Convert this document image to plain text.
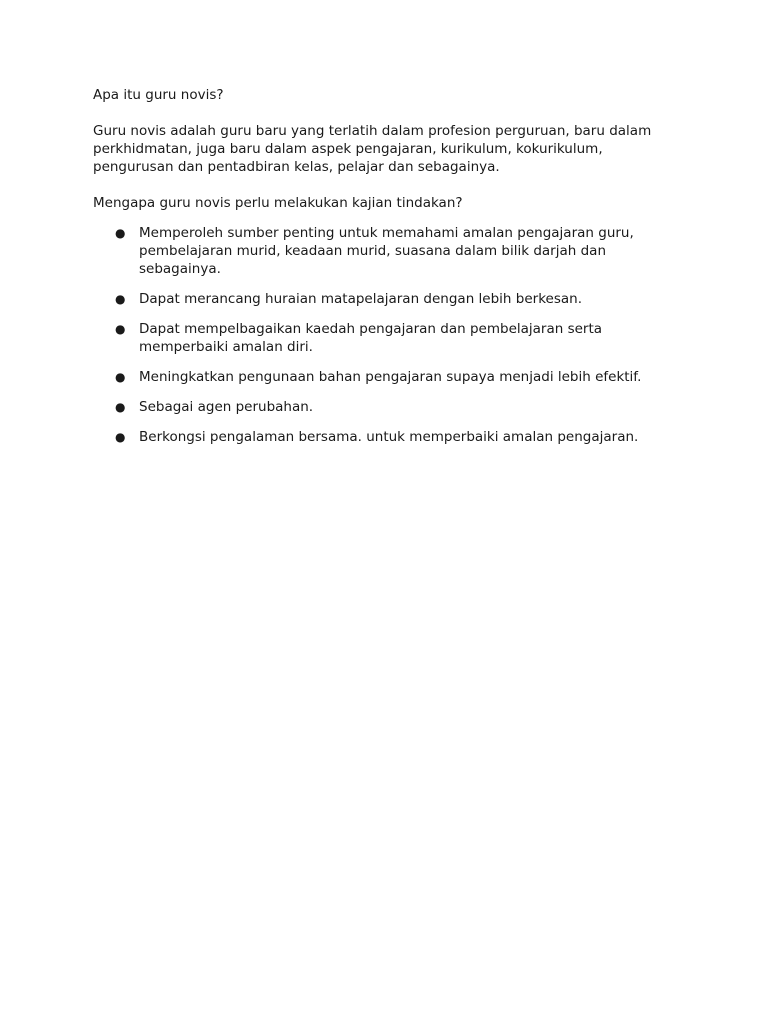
Apa itu guru novis?

Guru novis adalah guru baru yang terlatih dalam profesion perguruan, baru dalam perkhidmatan, juga baru dalam aspek pengajaran, kurikulum, kokurikulum, pengurusan dan pentadbiran kelas, pelajar dan sebagainya.

Mengapa guru novis perlu melakukan kajian tindakan?

● Memperoleh sumber penting untuk memahami amalan pengajaran guru, pembelajaran murid, keadaan murid, suasana dalam bilik darjah dan sebagainya.
● Dapat merancang huraian matapelajaran dengan lebih berkesan.
● Dapat mempelbagaikan kaedah pengajaran dan pembelajaran serta memperbaiki amalan diri.
● Meningkatkan pengunaan bahan pengajaran supaya menjadi lebih efektif.
● Sebagai agen perubahan.
● Berkongsi pengalaman bersama. untuk memperbaiki amalan pengajaran.
